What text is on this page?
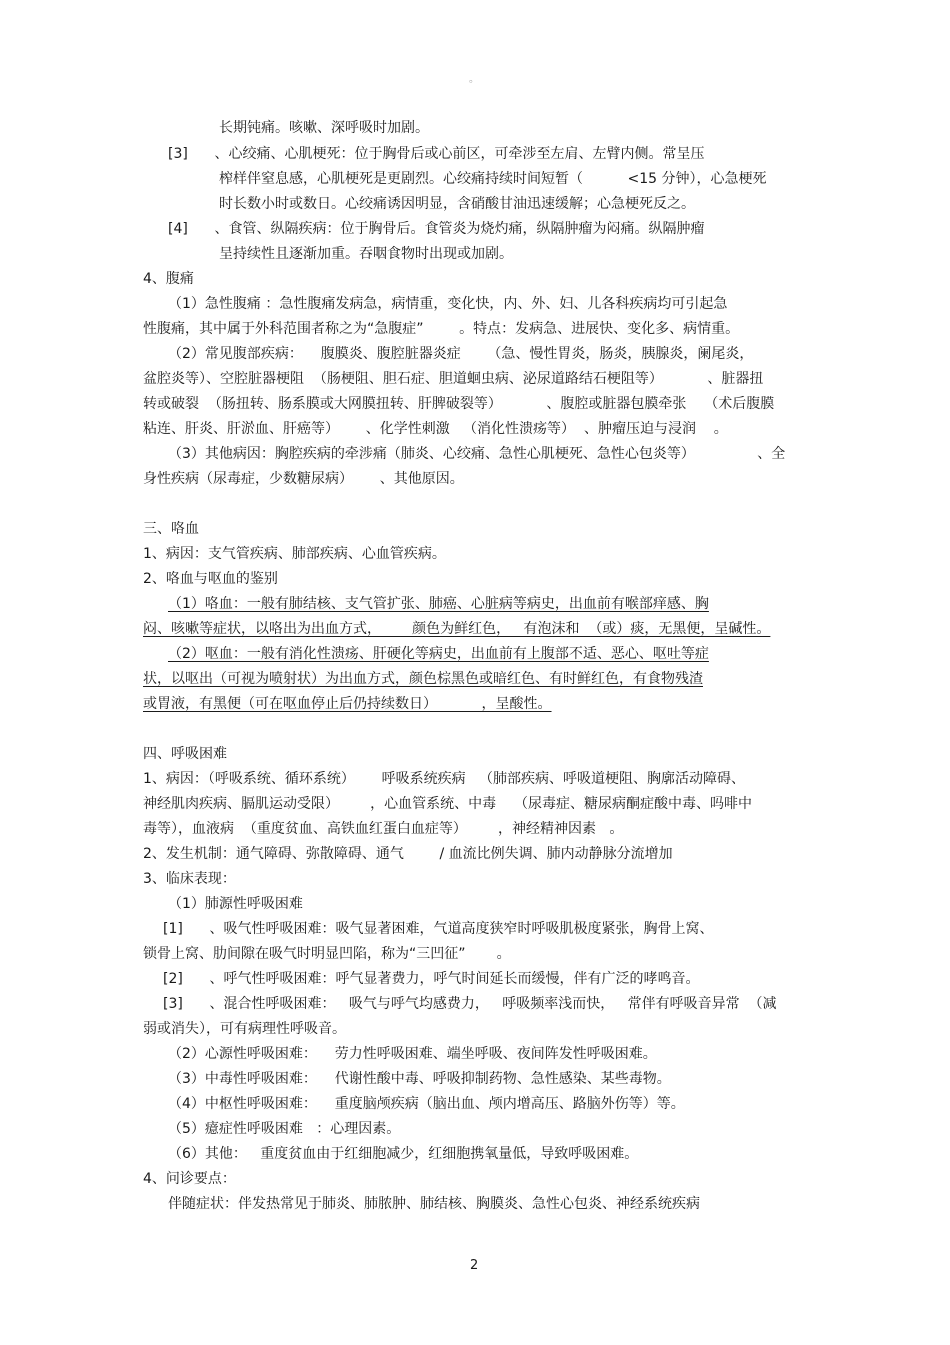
。
长期钝痛。咳嗽、深呼吸时加剧。
[3]      、心绞痛、心肌梗死：位于胸骨后或心前区，可牵涉至左肩、左臂内侧。常呈压
榨样伴窒息感，心肌梗死是更剧烈。心绞痛持续时间短暂（          <15 分钟），心急梗死
时长数小时或数日。心绞痛诱因明显，含硝酸甘油迅速缓解；心急梗死反之。
[4]      、食管、纵隔疾病：位于胸骨后。食管炎为烧灼痛，纵隔肿瘤为闷痛。纵隔肿瘤
呈持续性且逐渐加重。吞咽食物时出现或加剧。
4、腹痛
（1）急性腹痛 ：急性腹痛发病急，病情重，变化快，内、外、妇、儿各科疾病均可引起急
性腹痛，其中属于外科范围者称之为“急腹症”        。特点：发病急、进展快、变化多、病情重。
（2）常见腹部疾病：    腹膜炎、腹腔脏器炎症      （急、慢性胃炎，肠炎，胰腺炎，阑尾炎，
盆腔炎等）、空腔脏器梗阻  （肠梗阻、胆石症、胆道蛔虫病、泌尿道路结石梗阻等）          、脏器扭
转或破裂  （肠扭转、肠系膜或大网膜扭转、肝脾破裂等）          、腹腔或脏器包膜牵张    （术后腹膜
粘连、肝炎、肝淤血、肝癌等）      、化学性刺激   （消化性溃疡等）  、肿瘤压迫与浸润    。
（3）其他病因：胸腔疾病的牵涉痛（肺炎、心绞痛、急性心肌梗死、急性心包炎等）              、全
身性疾病（尿毒症，少数糖尿病）      、其他原因。
三、咯血
1、病因：支气管疾病、肺部疾病、心血管疾病。
2、咯血与呕血的鉴别
（1）咯血：一般有肺结核、支气管扩张、肺癌、心脏病等病史，出血前有喉部痒感、胸
闷、咳嗽等症状，以咯出为出血方式，       颜色为鲜红色，   有泡沫和  （或）痰，无黑便，呈碱性。
（2）呕血：一般有消化性溃疡、肝硬化等病史，出血前有上腹部不适、恶心、呕吐等症
状，以呕出（可视为喷射状）为出血方式，颜色棕黑色或暗红色、有时鲜红色，有食物残渣
或胃液，有黑便（可在呕血停止后仍持续数日）          ，呈酸性。
四、呼吸困难
1、病因：（呼吸系统、循环系统）      呼吸系统疾病   （肺部疾病、呼吸道梗阻、胸廓活动障碍、
神经肌肉疾病、膈肌运动受限）       ，心血管系统、中毒    （尿毒症、糖尿病酮症酸中毒、吗啡中
毒等），血液病  （重度贫血、高铁血红蛋白血症等）       ，神经精神因素   。
2、发生机制：通气障碍、弥散障碍、通气        / 血流比例失调、肺内动静脉分流增加
3、临床表现：
（1）肺源性呼吸困难
[1]      、吸气性呼吸困难：吸气显著困难，气道高度狭窄时呼吸肌极度紧张，胸骨上窝、
锁骨上窝、肋间隙在吸气时明显凹陷，称为“三凹征”       。
[2]      、呼气性呼吸困难：呼气显著费力，呼气时间延长而缓慢，伴有广泛的哮鸣音。
[3]      、混合性呼吸困难：   吸气与呼气均感费力，   呼吸频率浅而快，   常伴有呼吸音异常  （减
弱或消失），可有病理性呼吸音。
（2）心源性呼吸困难：    劳力性呼吸困难、端坐呼吸、夜间阵发性呼吸困难。
（3）中毒性呼吸困难：    代谢性酸中毒、呼吸抑制药物、急性感染、某些毒物。
（4）中枢性呼吸困难：    重度脑颅疾病（脑出血、颅内增高压、路脑外伤等）等。
（5）癔症性呼吸困难   ：心理因素。
（6）其他：   重度贫血由于红细胞减少，红细胞携氧量低，导致呼吸困难。
4、问诊要点：
伴随症状：伴发热常见于肺炎、肺脓肿、肺结核、胸膜炎、急性心包炎、神经系统疾病
2
